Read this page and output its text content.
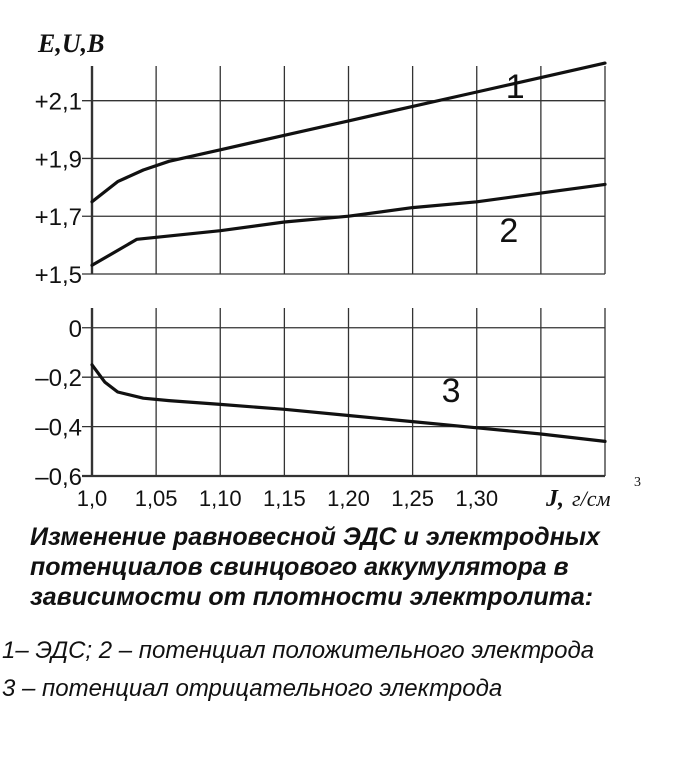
+2,1
+1,9
+1,7
+1,5
0
–0,2
–0,4
–0,6
1,0 1,05 1,10 1,15 1,20 1,25 1,30
1
2
3
E,U,B
J, г/см
3
Изменение равновесной ЭДС и электродных
потенциалов свинцового аккумулятора в
зависимости от плотности электролита:
1– ЭДС; 2 – потенциал положительного электрода
3 – потенциал отрицательного электрода
